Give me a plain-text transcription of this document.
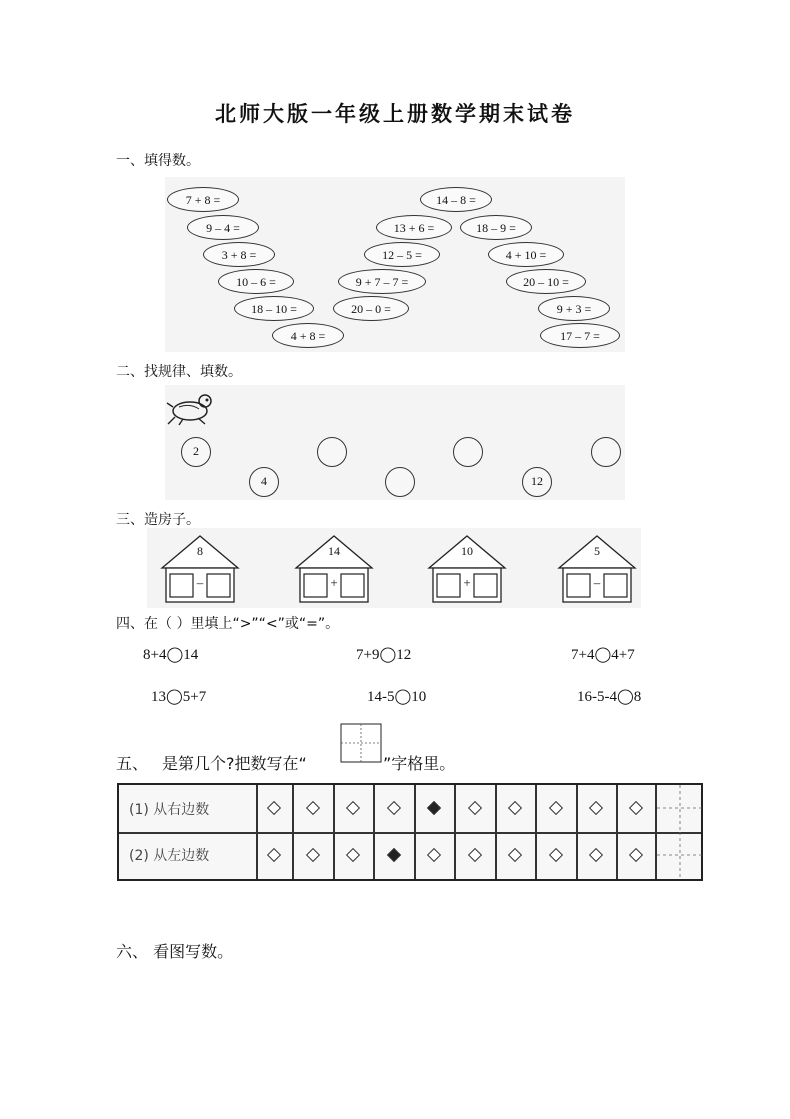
北师大版一年级上册数学期末试卷
一、填得数。
7 + 8 =
9 – 4 =
3 + 8 =
10 – 6 =
18 – 10 =
4 + 8 =
14 – 8 =
13 + 6 =
12 – 5 =
9 + 7 – 7 =
20 – 0 =
18 – 9 =
4 + 10 =
20 – 10 =
9 + 3 =
17 – 7 =
二、找规律、填数。
2
4	12
三、造房子。
8
–
14
+
10
+
5
–
四、在（ ）里填上“>”“<”或“=”。
8+4◯14	7+9◯12	7+4◯4+7
13◯5+7	14-5◯10	16-5-4◯8
五、 是第几个?把数写在“	”字格里。
(1) 从右边数
(2) 从左边数
六、 看图写数。
